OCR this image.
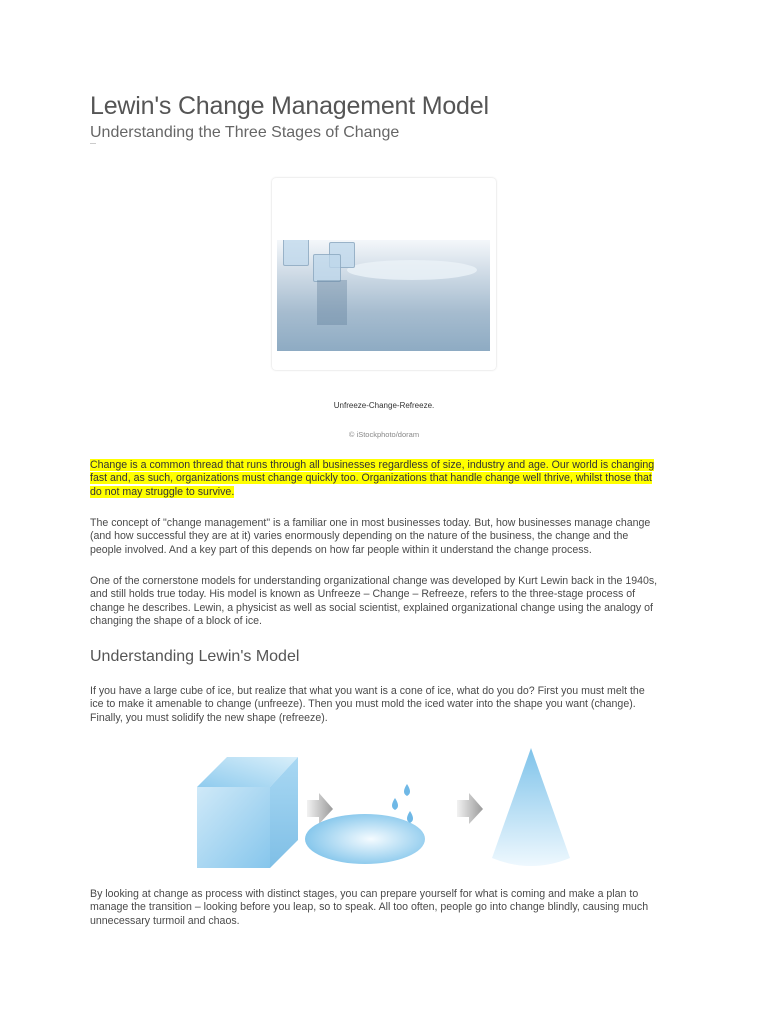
Lewin's Change Management Model
Understanding the Three Stages of Change
Unfreeze-Change-Refreeze.
© iStockphoto/doram
Change is a common thread that runs through all businesses regardless of size, industry and age. Our world is changing fast and, as such, organizations must change quickly too. Organizations that handle change well thrive, whilst those that do not may struggle to survive.
The concept of "change management" is a familiar one in most businesses today. But, how businesses manage change (and how successful they are at it) varies enormously depending on the nature of the business, the change and the people involved. And a key part of this depends on how far people within it understand the change process.
One of the cornerstone models for understanding organizational change was developed by Kurt Lewin back in the 1940s, and still holds true today. His model is known as Unfreeze – Change – Refreeze, refers to the three-stage process of change he describes. Lewin, a physicist as well as social scientist, explained organizational change using the analogy of changing the shape of a block of ice.
Understanding Lewin's Model
If you have a large cube of ice, but realize that what you want is a cone of ice, what do you do? First you must melt the ice to make it amenable to change (unfreeze). Then you must mold the iced water into the shape you want (change). Finally, you must solidify the new shape (refreeze).
By looking at change as process with distinct stages, you can prepare yourself for what is coming and make a plan to manage the transition – looking before you leap, so to speak. All too often, people go into change blindly, causing much unnecessary turmoil and chaos.
